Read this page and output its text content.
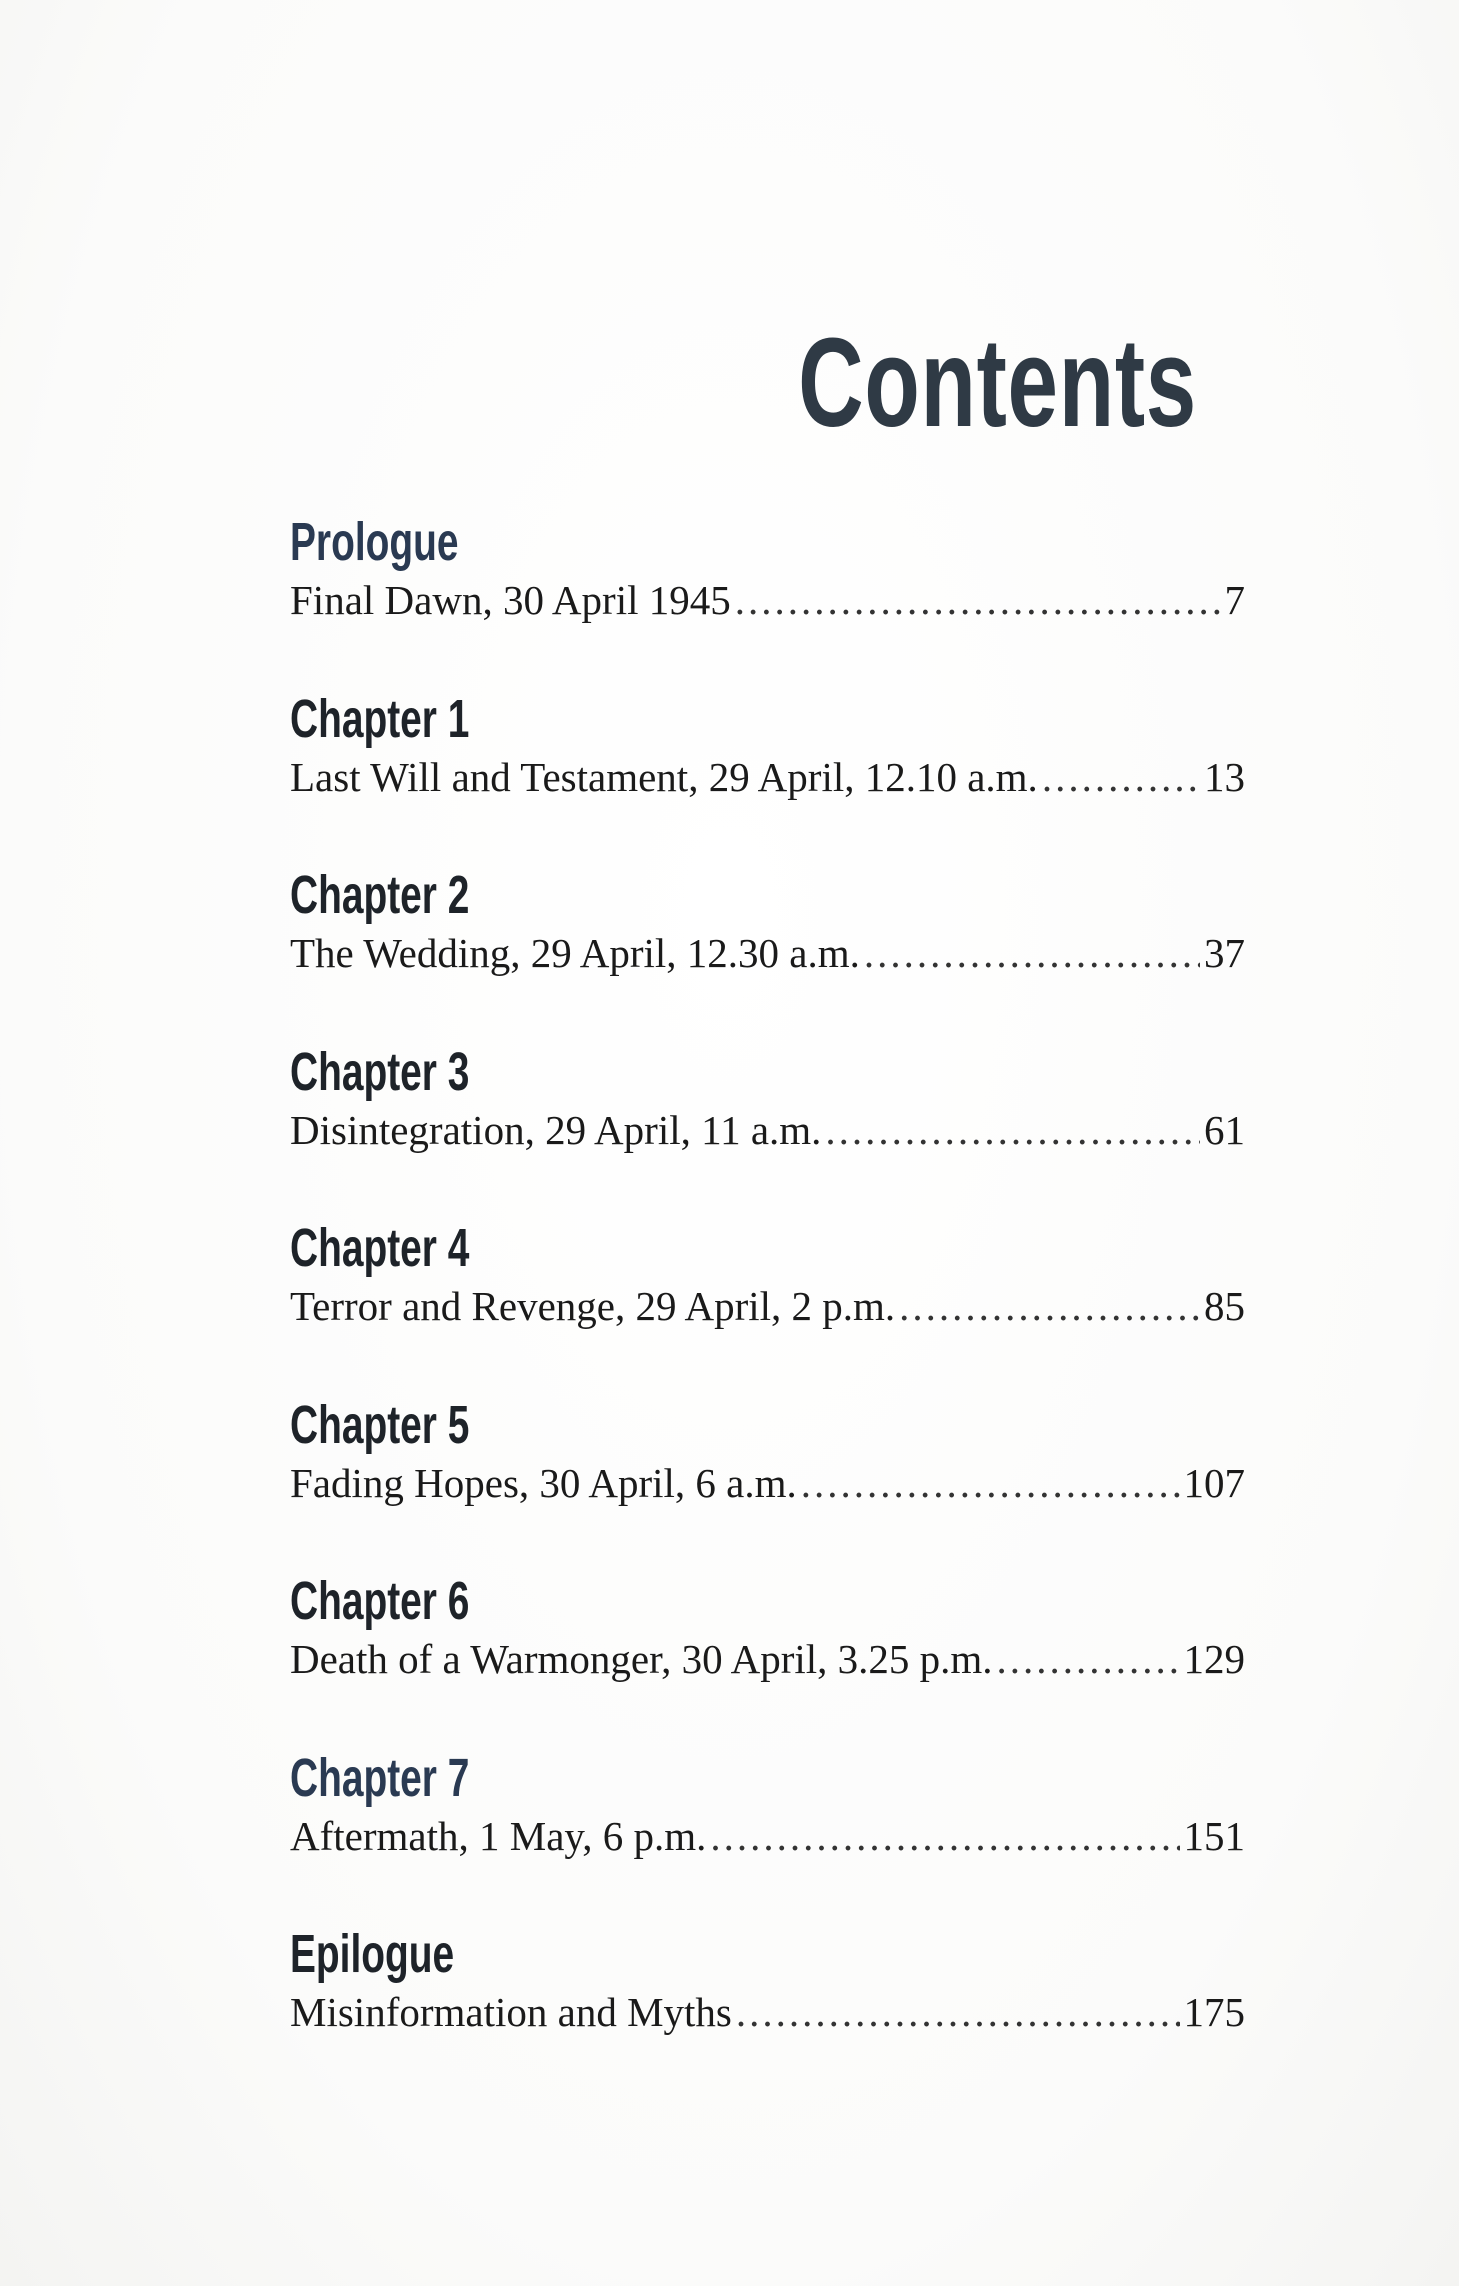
Contents
Prologue
Final Dawn, 30 April 1945 .....	7
Chapter 1
Last Will and Testament, 29 April, 12.10 a.m. .....	13
Chapter 2
The Wedding, 29 April, 12.30 a.m. .....	37
Chapter 3
Disintegration, 29 April, 11 a.m. .....	61
Chapter 4
Terror and Revenge, 29 April, 2 p.m. .....	85
Chapter 5
Fading Hopes, 30 April, 6 a.m. .....	107
Chapter 6
Death of a Warmonger, 30 April, 3.25 p.m. .....	129
Chapter 7
Aftermath, 1 May, 6 p.m. .....	151
Epilogue
Misinformation and Myths .....	175
